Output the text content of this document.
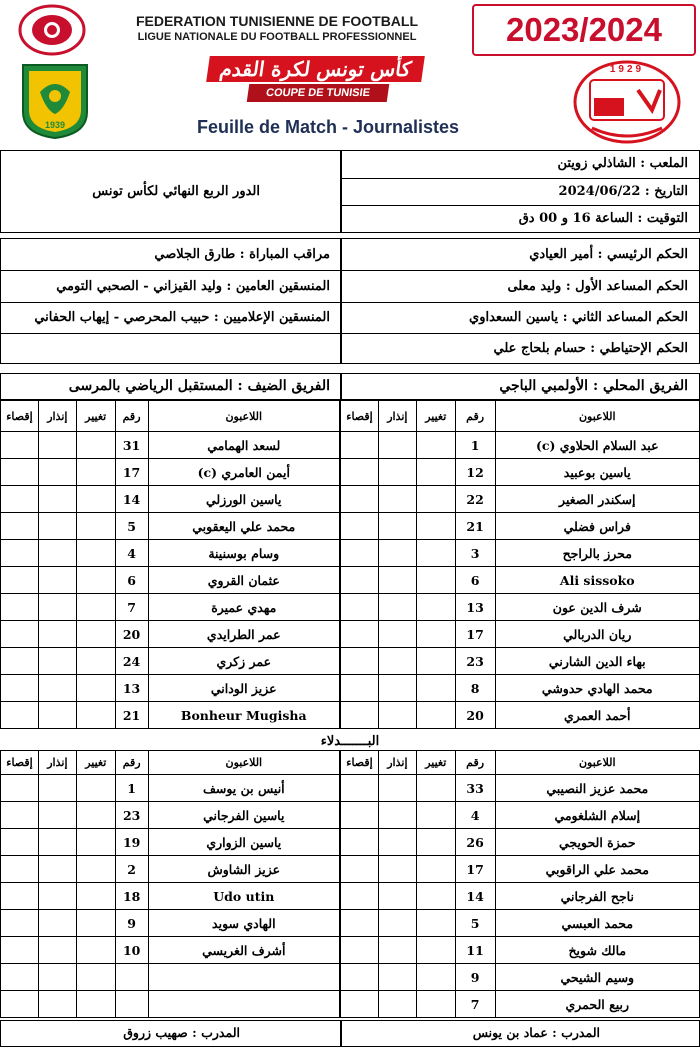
FEDERATION TUNISIENNE DE FOOTBALL
LIGUE NATIONALE DU FOOTBALL PROFESSIONNEL	2023/2024
1939
كأس تونس لكرة القدم
COUPE DE TUNISIE
Feuille de Match - Journalistes
1929
الملعب : الشاذلي زويتن
التاريخ : 2024/06/22
التوقيت : الساعة 16 و 00 دق
الدور الربع النهائي لكأس تونس
الحكم الرئيسي : أمير العيادي
الحكم المساعد الأول : وليد معلى
الحكم المساعد الثاني : ياسين السعداوي
الحكم الإحتياطي : حسام بلحاج علي
مراقب المباراة : طارق الجلاصي
المنسقين العامين : وليد القيزاني - الصحبي التومي
المنسقين الإعلاميين : حبيب المحرصي - إيهاب الحفاني
الفريق المحلي : الأولمبي الباجي
الفريق الضيف : المستقبل الرياضي بالمرسى
إقصاء	إنذار	تغيير	رقم	اللاعبون
			1	عبد السلام الحلاوي (c)
			12	ياسين بوعبيد
			22	إسكندر الصغير
			21	فراس فضلي
			3	محرز بالراجح
			6	Ali sissoko
			13	شرف الدين عون
			17	ريان الدربالي
			23	بهاء الدين الشارني
			8	محمد الهادي حدوشي
			20	أحمد العمري
إقصاء	إنذار	تغيير	رقم	اللاعبون
			31	لسعد الهمامي
			17	أيمن العامري (c)
			14	ياسين الورزلي
			5	محمد علي اليعقوبي
			4	وسام بوسنينة
			6	عثمان القروي
			7	مهدي عميرة
			20	عمر الطرايدي
			24	عمر زكري
			13	عزيز الوداني
			21	Bonheur Mugisha
البـــــــدلاء
إقصاء	إنذار	تغيير	رقم	اللاعبون
			33	محمد عزيز النصيبي
			4	إسلام الشلغومي
			26	حمزة الحويجي
			17	محمد علي الراقوبي
			14	ناجح الفرجاني
			5	محمد العبسي
			11	مالك شويخ
			9	وسيم الشيحي
			7	ربيع الحمري
إقصاء	إنذار	تغيير	رقم	اللاعبون
			1	أنيس بن يوسف
			23	ياسين الفرجاني
			19	ياسين الزواري
			2	عزيز الشاوش
			18	Udo utin
			9	الهادي سويد
			10	أشرف الغريسي

المدرب : عماد بن يونس
المدرب : صهيب زروق
